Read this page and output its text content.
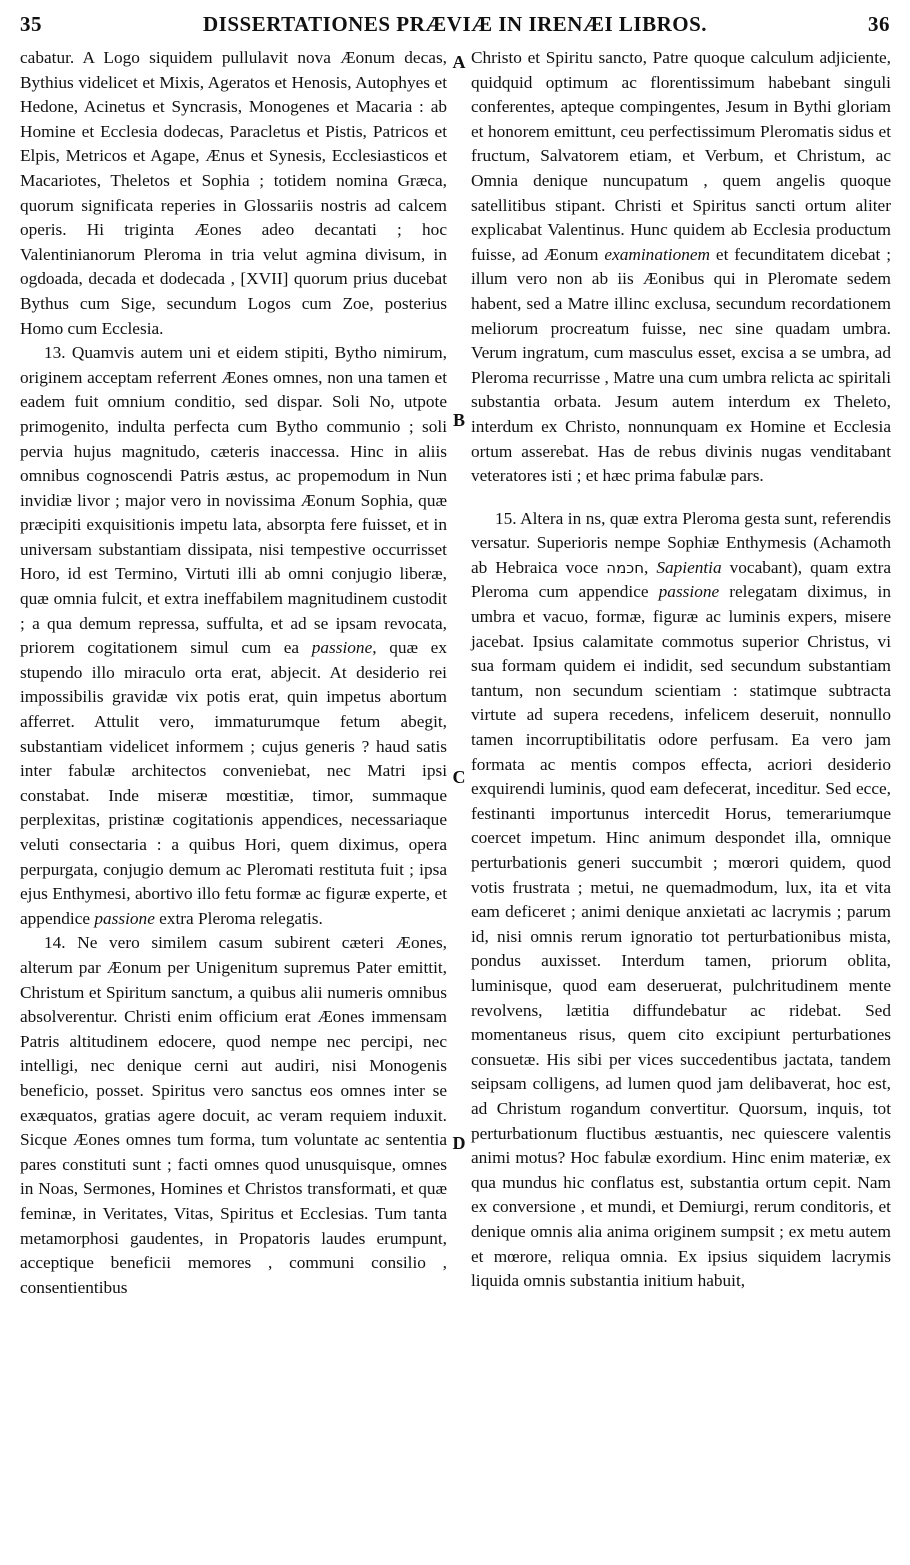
35	DISSERTATIONES PRÆVIÆ IN IRENÆI LIBROS.	36

cabatur. A Logo siquidem pullulavit nova Æonum decas, Bythius videlicet et Mixis, Ageratos et Henosis, Autophyes et Hedone, Acinetus et Syncrasis, Monogenes et Macaria : ab Homine et Ecclesia dodecas, Paracletus et Pistis, Patricos et Elpis, Metricos et Agape, Ænus et Synesis, Ecclesiasticos et Macariotes, Theletos et Sophia ; totidem nomina Græca, quorum significata reperies in Glossariis nostris ad calcem operis. Hi triginta Æones adeo decantati ; hoc Valentinianorum Pleroma in tria velut agmina divisum, in ogdoada, decada et dodecada , [XVII] quorum prius ducebat Bythus cum Sige, secundum Logos cum Zoe, posterius Homo cum Ecclesia.

13. Quamvis autem uni et eidem stipiti, Bytho nimirum, originem acceptam referrent Æones omnes, non una tamen et eadem fuit omnium conditio, sed dispar. Soli No, utpote primogenito, indulta perfecta cum Bytho communio ; soli pervia hujus magnitudo, cæteris inaccessa. Hinc in aliis omnibus cognoscendi Patris æstus, ac propemodum in Nun invidiæ livor ; major vero in novissima Æonum Sophia, quæ præcipiti exquisitionis impetu lata, absorpta fere fuisset, et in universam substantiam dissipata, nisi tempestive occurrisset Horo, id est Termino, Virtuti illi ab omni conjugio liberæ, quæ omnia fulcit, et extra ineffabilem magnitudinem custodit ; a qua demum repressa, suffulta, et ad se ipsam revocata, priorem cogitationem simul cum ea passione, quæ ex stupendo illo miraculo orta erat, abjecit. At desiderio rei impossibilis gravidæ vix potis erat, quin impetus abortum afferret. Attulit vero, immaturumque fetum abegit, substantiam videlicet informem ; cujus generis ? haud satis inter fabulæ architectos conveniebat, nec Matri ipsi constabat. Inde miseræ mœstitiæ, timor, summaque perplexitas, pristinæ cogitationis appendices, necessariaque veluti consectaria : a quibus Hori, quem diximus, opera perpurgata, conjugio demum ac Pleromati restituta fuit ; ipsa ejus Enthymesi, abortivo illo fetu formæ ac figuræ experte, et appendice passione extra Pleroma relegatis.

14. Ne vero similem casum subirent cæteri Æones, alterum par Æonum per Unigenitum supremus Pater emittit, Christum et Spiritum sanctum, a quibus alii numeris omnibus absolverentur. Christi enim officium erat Æones immensam Patris altitudinem edocere, quod nempe nec percipi, nec intelligi, nec denique cerni aut audiri, nisi Monogenis beneficio, posset. Spiritus vero sanctus eos omnes inter se exæquatos, gratias agere docuit, ac veram requiem induxit. Sicque Æones omnes tum forma, tum voluntate ac sententia pares constituti sunt ; facti omnes quod unusquisque, omnes in Noas, Sermones, Homines et Christos transformati, et quæ feminæ, in Veritates, Vitas, Spiritus et Ecclesias. Tum tanta metamorphosi gaudentes, in Propatoris laudes erumpunt, acceptique beneficii memores , communi consilio , consentientibus

A
B
C
D

Christo et Spiritu sancto, Patre quoque calculum adjiciente, quidquid optimum ac florentissimum habebant singuli conferentes, apteque compingentes, Jesum in Bythi gloriam et honorem emittunt, ceu perfectissimum Pleromatis sidus et fructum, Salvatorem etiam, et Verbum, et Christum, ac Omnia denique nuncupatum , quem angelis quoque satellitibus stipant. Christi et Spiritus sancti ortum aliter explicabat Valentinus. Hunc quidem ab Ecclesia productum fuisse, ad Æonum examinationem et fecunditatem dicebat ; illum vero non ab iis Æonibus qui in Pleromate sedem habent, sed a Matre illinc exclusa, secundum recordationem meliorum procreatum fuisse, nec sine quadam umbra. Verum ingratum, cum masculus esset, excisa a se umbra, ad Pleroma recurrisse , Matre una cum umbra relicta ac spiritali substantia orbata. Jesum autem interdum ex Theleto, interdum ex Christo, nonnunquam ex Homine et Ecclesia ortum asserebat. Has de rebus divinis nugas venditabant veteratores isti ; et hæc prima fabulæ pars.

15. Altera in ns, quæ extra Pleroma gesta sunt, referendis versatur. Superioris nempe Sophiæ Enthymesis (Achamoth ab Hebraica voce חכמה, Sapientia vocabant), quam extra Pleroma cum appendice passione relegatam diximus, in umbra et vacuo, formæ, figuræ ac luminis expers, misere jacebat. Ipsius calamitate commotus superior Christus, vi sua formam quidem ei indidit, sed secundum substantiam tantum, non secundum scientiam : statimque subtracta virtute ad supera recedens, infelicem deseruit, nonnullo tamen incorruptibilitatis odore perfusam. Ea vero jam formata ac mentis compos effecta, acriori desiderio exquirendi luminis, quod eam defecerat, inceditur. Sed ecce, festinanti importunus intercedit Horus, temerariumque coercet impetum. Hinc animum despondet illa, omnique perturbationis generi succumbit ; mœrori quidem, quod votis frustrata ; metui, ne quemadmodum, lux, ita et vita eam deficeret ; animi denique anxietati ac lacrymis ; parum id, nisi omnis rerum ignoratio tot perturbationibus mista, pondus auxisset. Interdum tamen, priorum oblita, luminisque, quod eam deseruerat, pulchritudinem mente revolvens, lætitia diffundebatur ac ridebat. Sed momentaneus risus, quem cito excipiunt perturbationes consuetæ. His sibi per vices succedentibus jactata, tandem seipsam colligens, ad lumen quod jam delibaverat, hoc est, ad Christum rogandum convertitur. Quorsum, inquis, tot perturbationum fluctibus æstuantis, nec quiescere valentis animi motus? Hoc fabulæ exordium. Hinc enim materiæ, ex qua mundus hic conflatus est, substantia ortum cepit. Nam ex conversione , et mundi, et Demiurgi, rerum conditoris, et denique omnis alia anima originem sumpsit ; ex metu autem et mœrore, reliqua omnia. Ex ipsius siquidem lacrymis liquida omnis substantia initium habuit,
